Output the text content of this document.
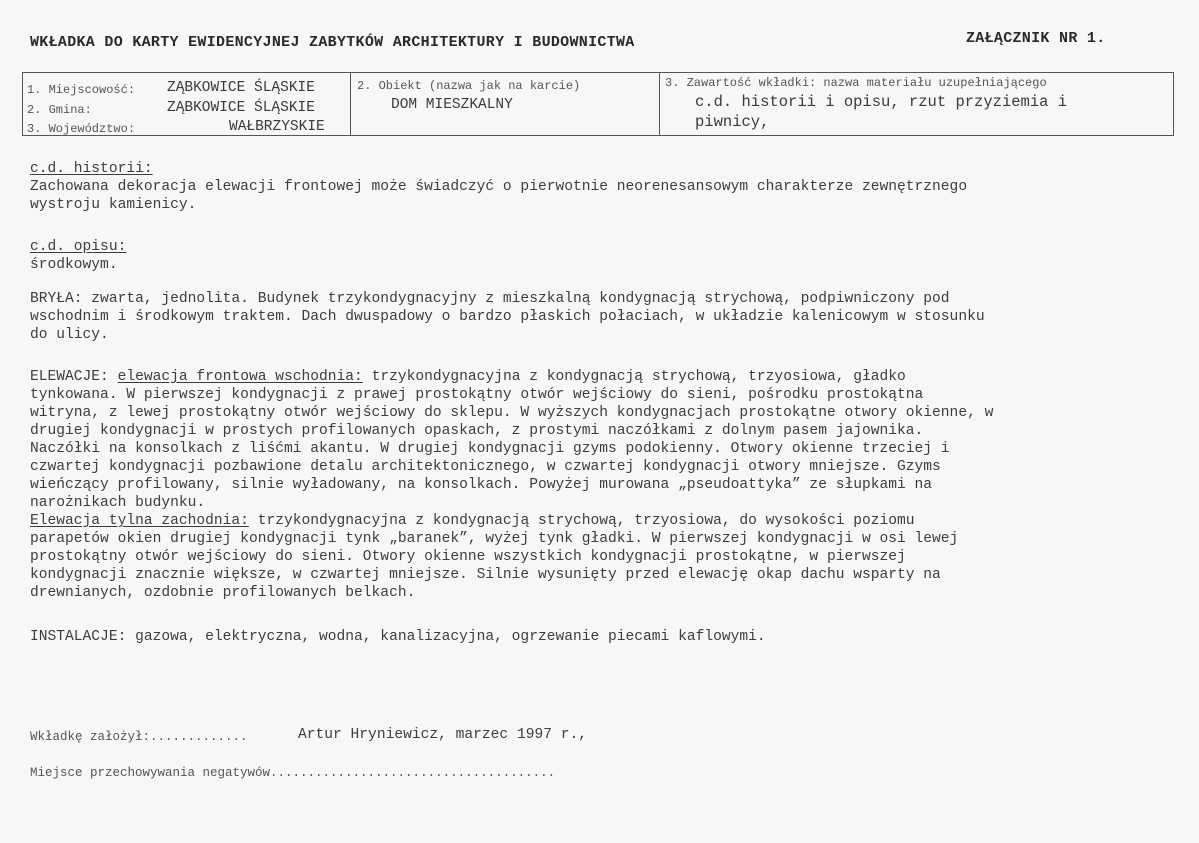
WKŁADKA DO KARTY EWIDENCYJNEJ ZABYTKÓW ARCHITEKTURY I BUDOWNICTWA	ZAŁĄCZNIK NR 1.
1. Miejscowość: ZĄBKOWICE ŚLĄSKIE
2. Gmina:	ZĄBKOWICE ŚLĄSKIE
3. Województwo:	WAŁBRZYSKIE
2. Obiekt (nazwa jak na karcie)
DOM MIESZKALNY
3. Zawartość wkładki: nazwa materiału uzupełniającego
c.d. historii i opisu, rzut przyziemia i
piwnicy,
c.d. historii:
Zachowana dekoracja elewacji frontowej może świadczyć o pierwotnie neorenesansowym charakterze zewnętrznego
wystroju kamienicy.
c.d. opisu:
środkowym.
BRYŁA: zwarta, jednolita. Budynek trzykondygnacyjny z mieszkalną kondygnacją strychową, podpiwniczony pod
wschodnim i środkowym traktem. Dach dwuspadowy o bardzo płaskich połaciach, w układzie kalenicowym w stosunku
do ulicy.
ELEWACJE: elewacja frontowa wschodnia: trzykondygnacyjna z kondygnacją strychową, trzyosiowa, gładko
tynkowana. W pierwszej kondygnacji z prawej prostokątny otwór wejściowy do sieni, pośrodku prostokątna
witryna, z lewej prostokątny otwór wejściowy do sklepu. W wyższych kondygnacjach prostokątne otwory okienne, w
drugiej kondygnacji w prostych profilowanych opaskach, z prostymi naczółkami z dolnym pasem jajownika.
Naczółki na konsolkach z liśćmi akantu. W drugiej kondygnacji gzyms podokienny. Otwory okienne trzeciej i
czwartej kondygnacji pozbawione detalu architektonicznego, w czwartej kondygnacji otwory mniejsze. Gzyms
wieńczący profilowany, silnie wyładowany, na konsolkach. Powyżej murowana „pseudoattyka” ze słupkami na
narożnikach budynku.
Elewacja tylna zachodnia: trzykondygnacyjna z kondygnacją strychową, trzyosiowa, do wysokości poziomu
parapetów okien drugiej kondygnacji tynk „baranek”, wyżej tynk gładki. W pierwszej kondygnacji w osi lewej
prostokątny otwór wejściowy do sieni. Otwory okienne wszystkich kondygnacji prostokątne, w pierwszej
kondygnacji znacznie większe, w czwartej mniejsze. Silnie wysunięty przed elewację okap dachu wsparty na
drewnianych, ozdobnie profilowanych belkach.
INSTALACJE: gazowa, elektryczna, wodna, kanalizacyjna, ogrzewanie piecami kaflowymi.
Wkładkę założył:.............	Artur Hryniewicz, marzec 1997 r.,
Miejsce przechowywania negatywów......................................
